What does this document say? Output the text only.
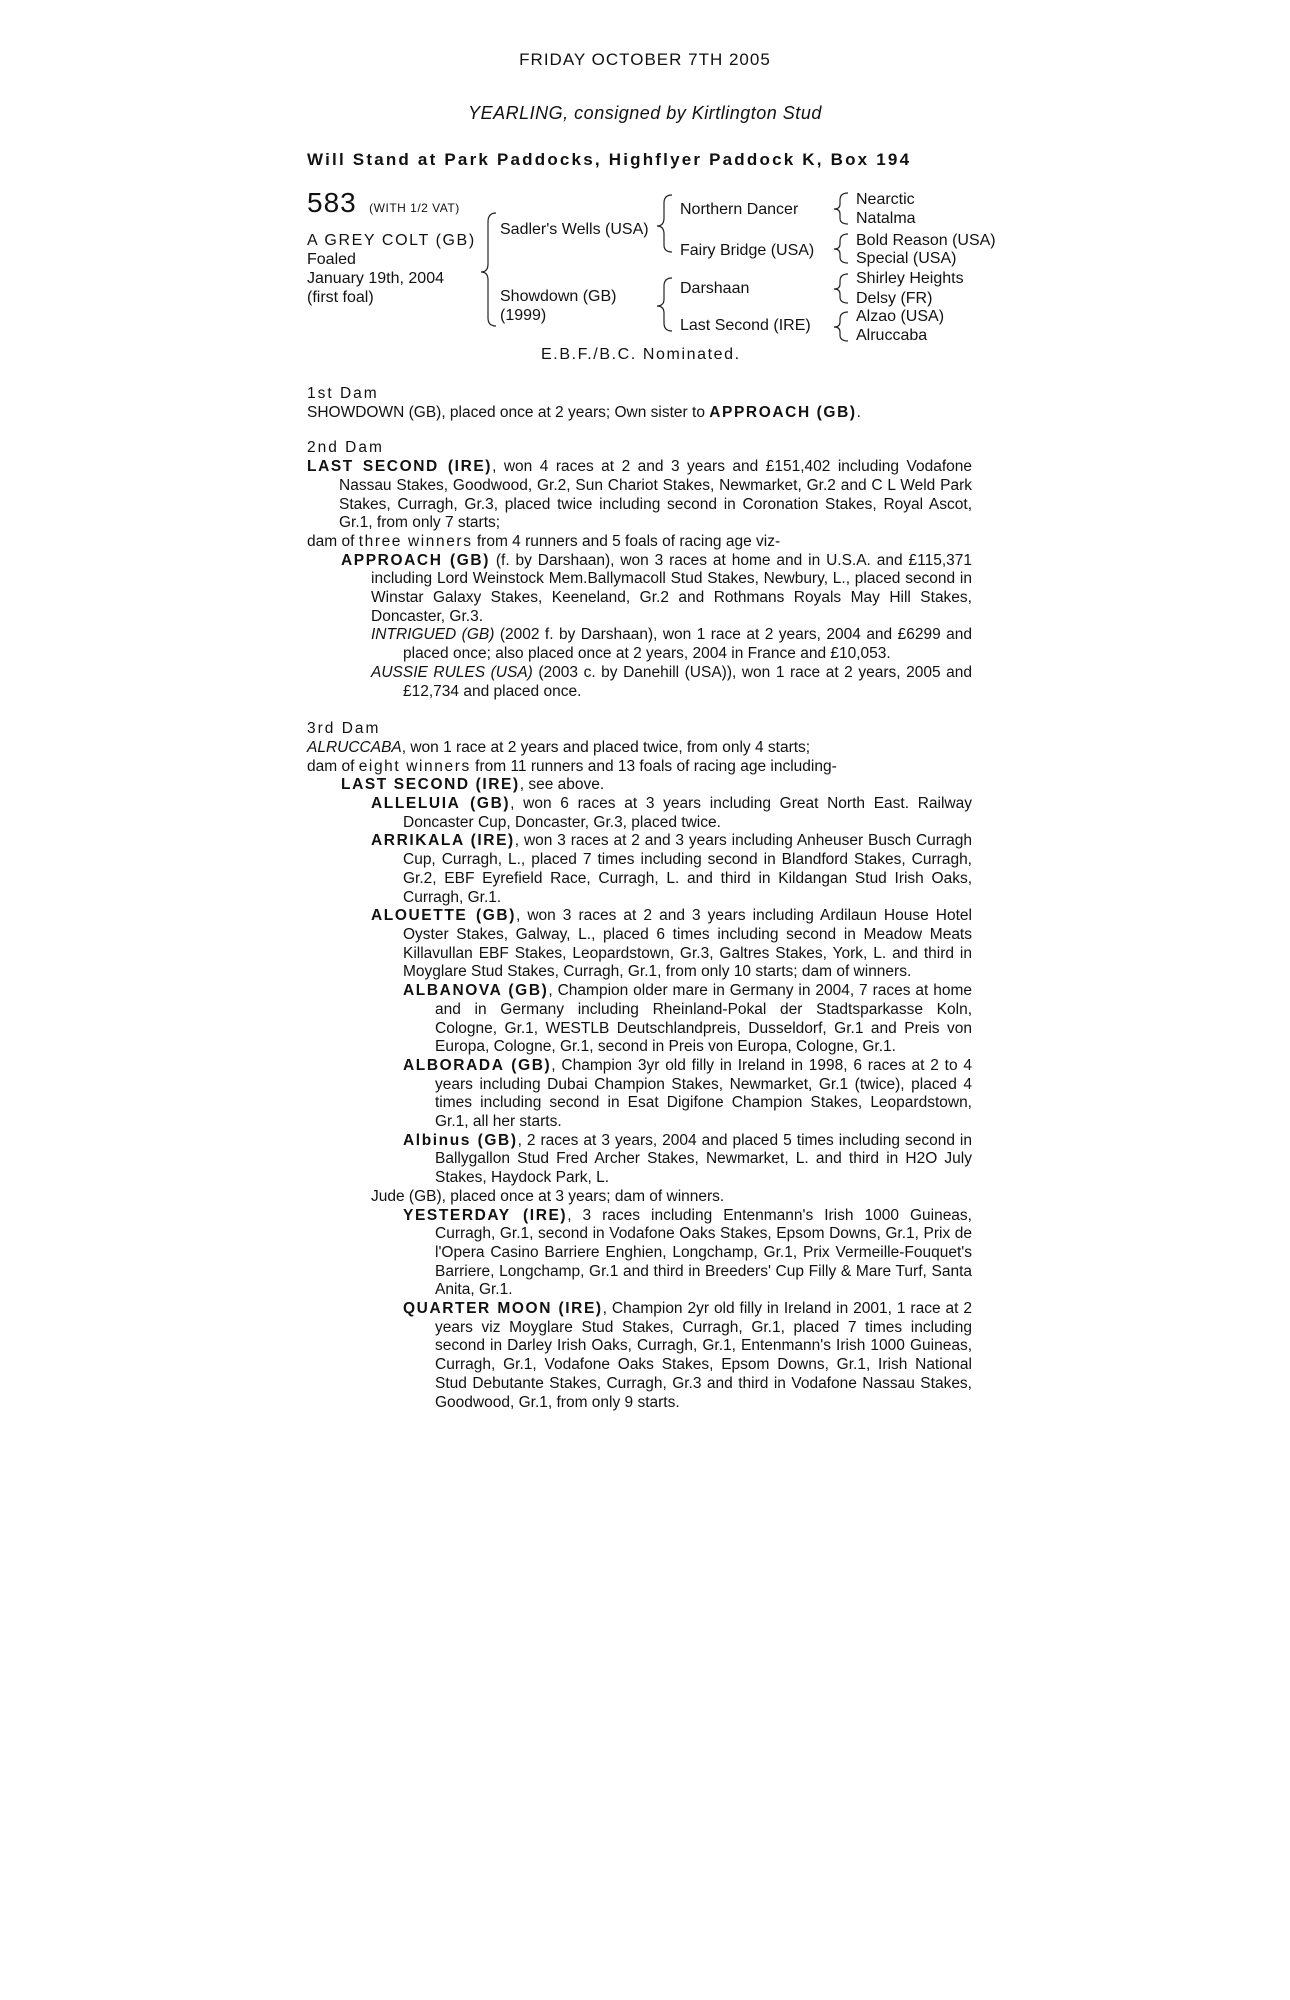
FRIDAY OCTOBER 7TH 2005
YEARLING, consigned by Kirtlington Stud
Will Stand at Park Paddocks, Highflyer Paddock K, Box 194
583 (WITH 1/2 VAT)
A GREY COLT (GB)
Foaled
January 19th, 2004
(first foal)
Sadler's Wells (USA)
Showdown (GB)
(1999)
Northern Dancer
Fairy Bridge (USA)
Darshaan
Last Second (IRE)
Nearctic
Natalma
Bold Reason (USA)
Special (USA)
Shirley Heights
Delsy (FR)
Alzao (USA)
Alruccaba
E.B.F./B.C. Nominated.
1st Dam
SHOWDOWN (GB), placed once at 2 years; Own sister to APPROACH (GB).
2nd Dam
LAST SECOND (IRE), won 4 races at 2 and 3 years and £151,402 including Vodafone Nassau Stakes, Goodwood, Gr.2, Sun Chariot Stakes, Newmarket, Gr.2 and C L Weld Park Stakes, Curragh, Gr.3, placed twice including second in Coronation Stakes, Royal Ascot, Gr.1, from only 7 starts;
dam of three winners from 4 runners and 5 foals of racing age viz-
APPROACH (GB) (f. by Darshaan), won 3 races at home and in U.S.A. and £115,371 including Lord Weinstock Mem.Ballymacoll Stud Stakes, Newbury, L., placed second in Winstar Galaxy Stakes, Keeneland, Gr.2 and Rothmans Royals May Hill Stakes, Doncaster, Gr.3.
INTRIGUED (GB) (2002 f. by Darshaan), won 1 race at 2 years, 2004 and £6299 and placed once; also placed once at 2 years, 2004 in France and £10,053.
AUSSIE RULES (USA) (2003 c. by Danehill (USA)), won 1 race at 2 years, 2005 and £12,734 and placed once.
3rd Dam
ALRUCCABA, won 1 race at 2 years and placed twice, from only 4 starts;
dam of eight winners from 11 runners and 13 foals of racing age including-
LAST SECOND (IRE), see above.
ALLELUIA (GB), won 6 races at 3 years including Great North East. Railway Doncaster Cup, Doncaster, Gr.3, placed twice.
ARRIKALA (IRE), won 3 races at 2 and 3 years including Anheuser Busch Curragh Cup, Curragh, L., placed 7 times including second in Blandford Stakes, Curragh, Gr.2, EBF Eyrefield Race, Curragh, L. and third in Kildangan Stud Irish Oaks, Curragh, Gr.1.
ALOUETTE (GB), won 3 races at 2 and 3 years including Ardilaun House Hotel Oyster Stakes, Galway, L., placed 6 times including second in Meadow Meats Killavullan EBF Stakes, Leopardstown, Gr.3, Galtres Stakes, York, L. and third in Moyglare Stud Stakes, Curragh, Gr.1, from only 10 starts; dam of winners.
ALBANOVA (GB), Champion older mare in Germany in 2004, 7 races at home and in Germany including Rheinland-Pokal der Stadtsparkasse Koln, Cologne, Gr.1, WESTLB Deutschlandpreis, Dusseldorf, Gr.1 and Preis von Europa, Cologne, Gr.1, second in Preis von Europa, Cologne, Gr.1.
ALBORADA (GB), Champion 3yr old filly in Ireland in 1998, 6 races at 2 to 4 years including Dubai Champion Stakes, Newmarket, Gr.1 (twice), placed 4 times including second in Esat Digifone Champion Stakes, Leopardstown, Gr.1, all her starts.
Albinus (GB), 2 races at 3 years, 2004 and placed 5 times including second in Ballygallon Stud Fred Archer Stakes, Newmarket, L. and third in H2O July Stakes, Haydock Park, L.
Jude (GB), placed once at 3 years; dam of winners.
YESTERDAY (IRE), 3 races including Entenmann's Irish 1000 Guineas, Curragh, Gr.1, second in Vodafone Oaks Stakes, Epsom Downs, Gr.1, Prix de l'Opera Casino Barriere Enghien, Longchamp, Gr.1, Prix Vermeille-Fouquet's Barriere, Longchamp, Gr.1 and third in Breeders' Cup Filly & Mare Turf, Santa Anita, Gr.1.
QUARTER MOON (IRE), Champion 2yr old filly in Ireland in 2001, 1 race at 2 years viz Moyglare Stud Stakes, Curragh, Gr.1, placed 7 times including second in Darley Irish Oaks, Curragh, Gr.1, Entenmann's Irish 1000 Guineas, Curragh, Gr.1, Vodafone Oaks Stakes, Epsom Downs, Gr.1, Irish National Stud Debutante Stakes, Curragh, Gr.3 and third in Vodafone Nassau Stakes, Goodwood, Gr.1, from only 9 starts.
